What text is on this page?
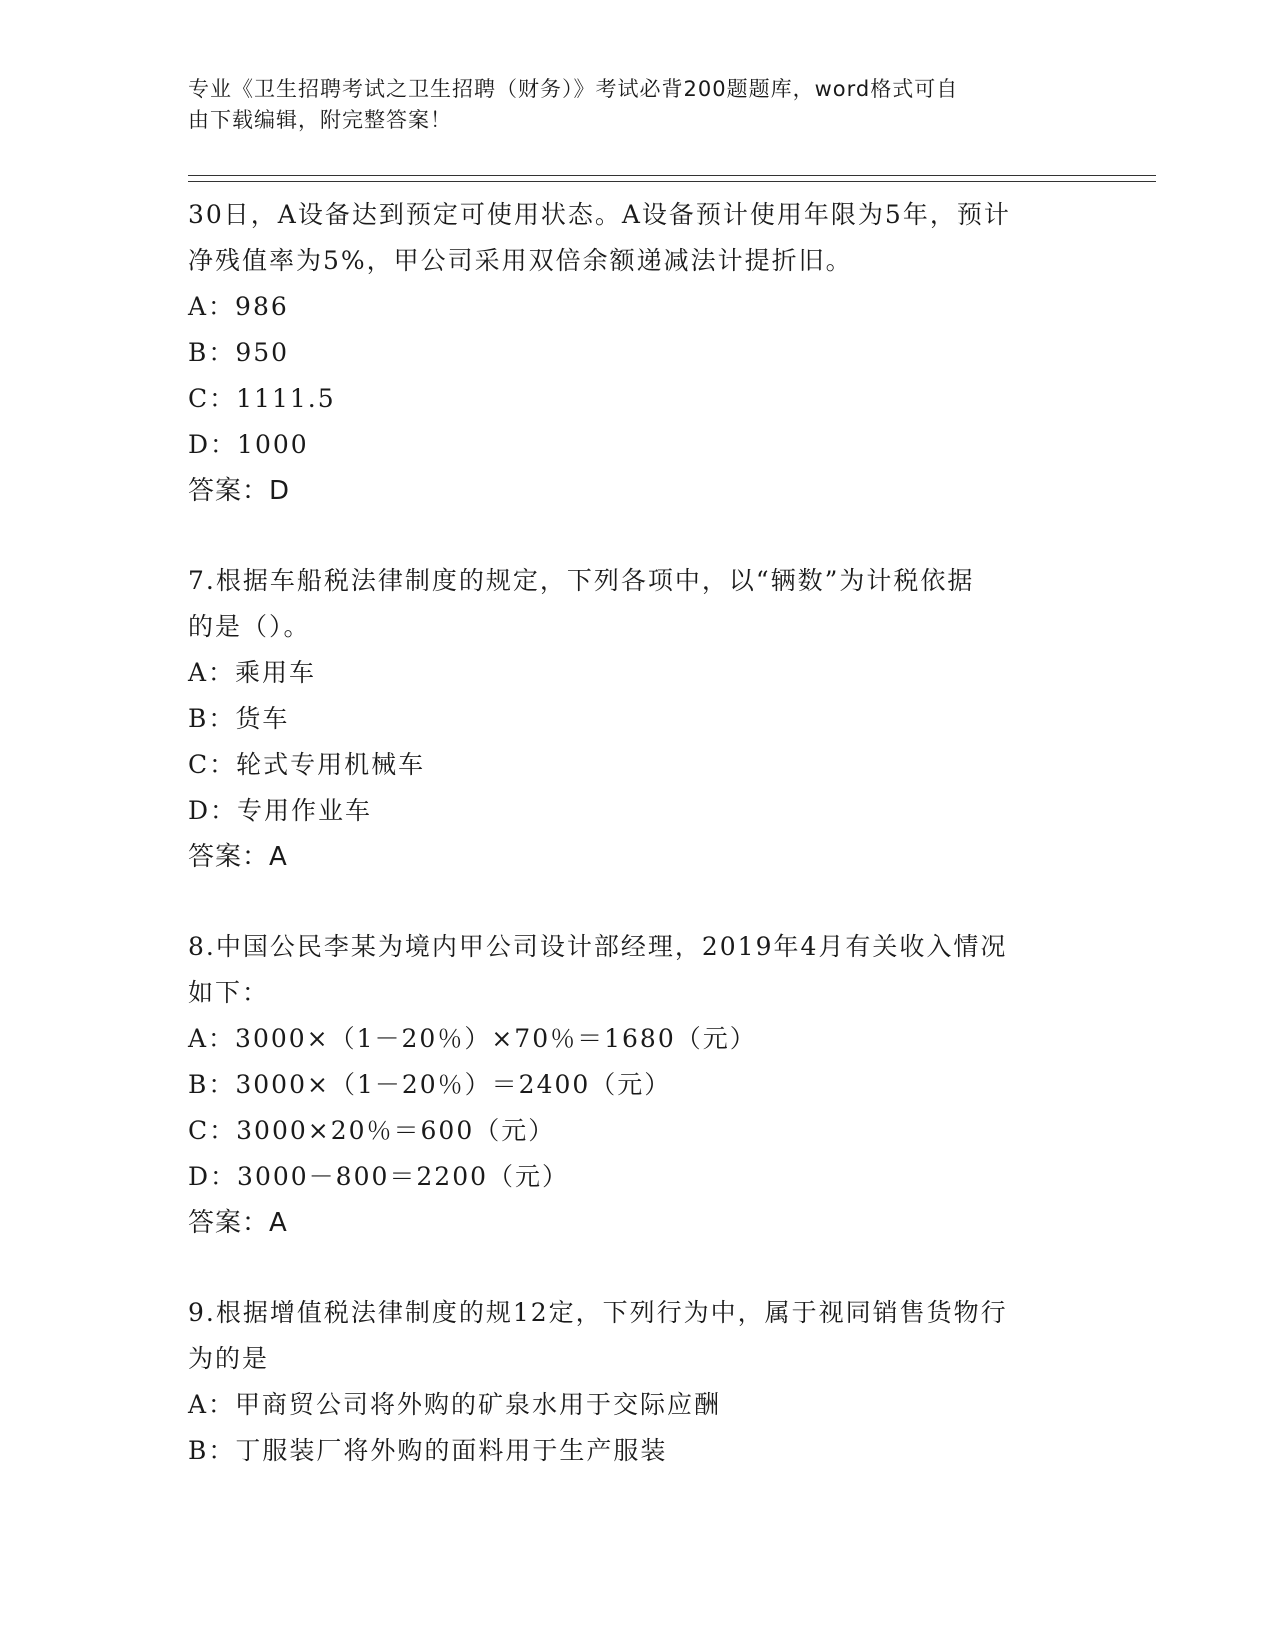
专业《卫生招聘考试之卫生招聘（财务）》考试必背200题题库，word格式可自
由下载编辑，附完整答案！
30日，A设备达到预定可使用状态。A设备预计使用年限为5年，预计
净残值率为5%，甲公司采用双倍余额递减法计提折旧。
A：986
B：950
C：1111.5
D：1000
答案：D
7.根据车船税法律制度的规定，下列各项中，以“辆数”为计税依据
的是（）。
A：乘用车
B：货车
C：轮式专用机械车
D：专用作业车
答案：A
8.中国公民李某为境内甲公司设计部经理，2019年4月有关收入情况
如下：
A：3000×（1－20％）×70％＝1680（元）
B：3000×（1－20％）＝2400（元）
C：3000×20％＝600（元）
D：3000－800＝2200（元）
答案：A
9.根据增值税法律制度的规12定，下列行为中，属于视同销售货物行
为的是
A：甲商贸公司将外购的矿泉水用于交际应酬
B：丁服装厂将外购的面料用于生产服装
